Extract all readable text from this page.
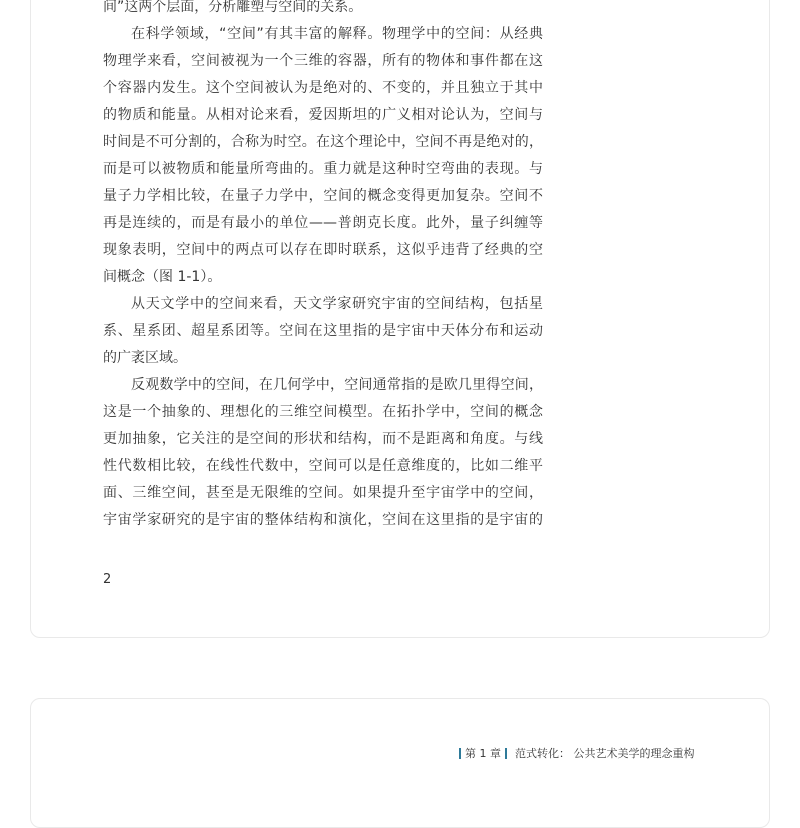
间”这两个层面，分析雕塑与空间的关系。
在科学领域，“空间”有其丰富的解释。物理学中的空间：从经典
物理学来看，空间被视为一个三维的容器，所有的物体和事件都在这
个容器内发生。这个空间被认为是绝对的、不变的，并且独立于其中
的物质和能量。从相对论来看，爱因斯坦的广义相对论认为，空间与
时间是不可分割的，合称为时空。在这个理论中，空间不再是绝对的，
而是可以被物质和能量所弯曲的。重力就是这种时空弯曲的表现。与
量子力学相比较，在量子力学中，空间的概念变得更加复杂。空间不
再是连续的，而是有最小的单位——普朗克长度。此外，量子纠缠等
现象表明，空间中的两点可以存在即时联系，这似乎违背了经典的空
间概念（图 1-1）。
从天文学中的空间来看，天文学家研究宇宙的空间结构，包括星
系、星系团、超星系团等。空间在这里指的是宇宙中天体分布和运动
的广袤区域。
反观数学中的空间，在几何学中，空间通常指的是欧几里得空间，
这是一个抽象的、理想化的三维空间模型。在拓扑学中，空间的概念
更加抽象，它关注的是空间的形状和结构，而不是距离和角度。与线
性代数相比较，在线性代数中，空间可以是任意维度的，比如二维平
面、三维空间，甚至是无限维的空间。如果提升至宇宙学中的空间，
宇宙学家研究的是宇宙的整体结构和演化，空间在这里指的是宇宙的
2
第 1 章 范式转化： 公共艺术美学的理念重构
